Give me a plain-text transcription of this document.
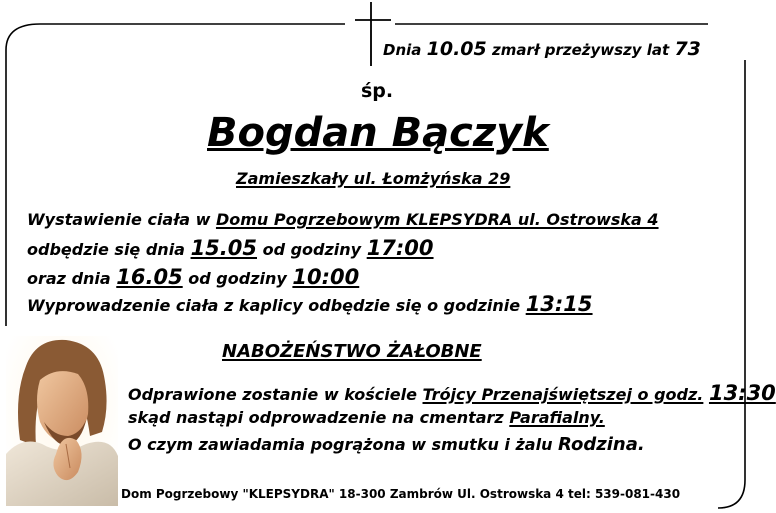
Dnia 10.05 zmarł przeżywszy lat 73
śp.
Bogdan Bączyk
Zamieszkały ul. Łomżyńska 29
Wystawienie ciała w Domu Pogrzebowym KLEPSYDRA ul. Ostrowska 4
odbędzie się dnia 15.05 od godziny 17:00
oraz dnia 16.05 od godziny 10:00
Wyprowadzenie ciała z kaplicy odbędzie się o godzinie 13:15
NABOŻEŃSTWO ŻAŁOBNE
Odprawione zostanie w kościele Trójcy Przenajświętszej o godz. 13:30
skąd nastąpi odprowadzenie na cmentarz Parafialny.
O czym zawiadamia pogrążona w smutku i żalu Rodzina.
Dom Pogrzebowy "KLEPSYDRA" 18-300 Zambrów Ul. Ostrowska 4 tel: 539-081-430
